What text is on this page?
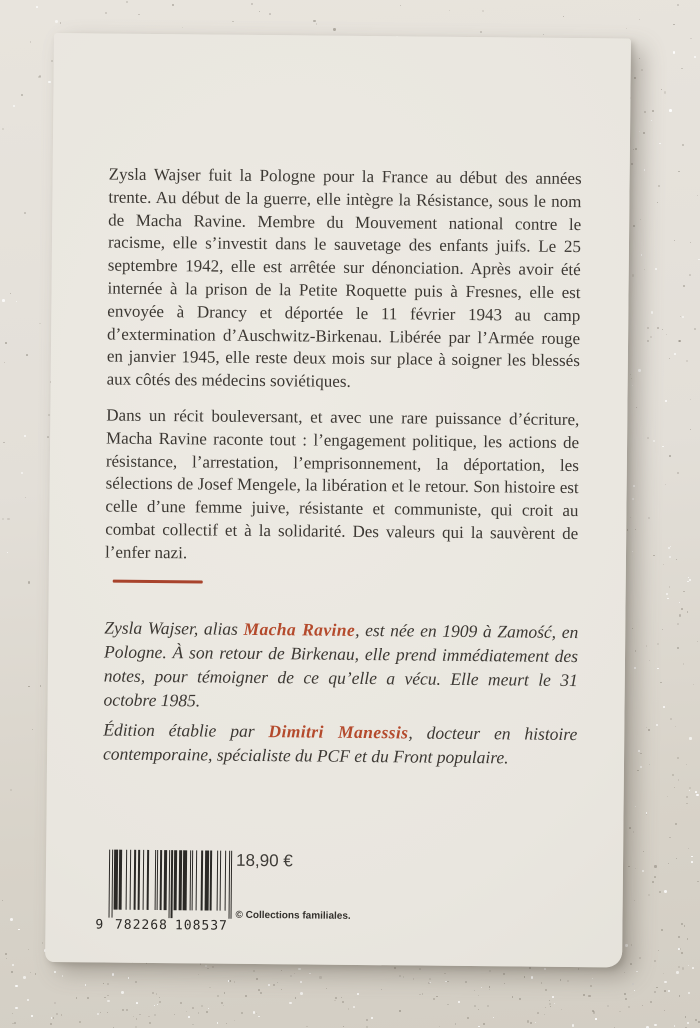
Zysla Wajser fuit la Pologne pour la France au début des années trente. Au début de la guerre, elle intègre la Résistance, sous le nom de Macha Ravine. Membre du Mouvement national contre le racisme, elle s’investit dans le sauvetage des enfants juifs. Le 25 septembre 1942, elle est arrêtée sur dénonciation. Après avoir été internée à la prison de la Petite Roquette puis à Fresnes, elle est envoyée à Drancy et déportée le 11 février 1943 au camp d’extermination d’Auschwitz-Birkenau. Libérée par l’Armée rouge en janvier 1945, elle reste deux mois sur place à soigner les blessés aux côtés des médecins soviétiques.

Dans un récit bouleversant, et avec une rare puissance d’écriture, Macha Ravine raconte tout : l’engagement politique, les actions de résistance, l’arrestation, l’emprisonnement, la déportation, les sélections de Josef Mengele, la libération et le retour. Son histoire est celle d’une femme juive, résistante et communiste, qui croit au combat collectif et à la solidarité. Des valeurs qui la sauvèrent de l’enfer nazi.

Zysla Wajser, alias Macha Ravine, est née en 1909 à Zamość, en Pologne. À son retour de Birkenau, elle prend immédiatement des notes, pour témoigner de ce qu’elle a vécu. Elle meurt le 31 octobre 1985.

Édition établie par Dimitri Manessis, docteur en histoire contemporaine, spécialiste du PCF et du Front populaire.

9 782268 108537
18,90 €
© Collections familiales.
